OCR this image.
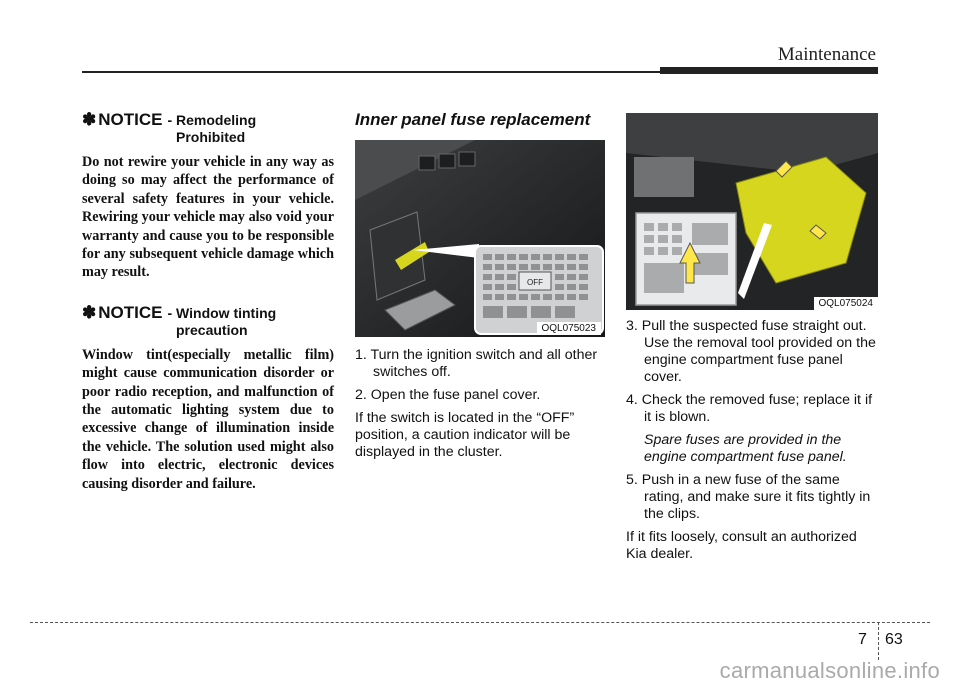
Maintenance
✽ NOTICE - Remodeling
Prohibited

Do not rewire your vehicle in any way as doing so may affect the performance of several safety features in your vehicle. Rewiring your vehicle may also void your warranty and cause you to be responsible for any subsequent vehicle damage which may result.

✽ NOTICE - Window tinting
precaution

Window tint(especially metallic film) might cause communication disorder or poor radio reception, and malfunction of the automatic lighting system due to excessive change of illumination inside the vehicle. The solution used might also flow into electric, electronic devices causing disorder and failure.

Inner panel fuse replacement
OFF
OQL075023

1. Turn the ignition switch and all other switches off.

2. Open the fuse panel cover.

If the switch is located in the “OFF” position, a caution indicator will be displayed in the cluster.

OQL075024

3. Pull the suspected fuse straight out. Use the removal tool provided on the engine compartment fuse panel cover.

4. Check the removed fuse; replace it if it is blown.

Spare fuses are provided in the engine compartment fuse panel.

5. Push in a new fuse of the same rating, and make sure it fits tightly in the clips.

If it fits loosely, consult an authorized Kia dealer.

7 63
carmanualsonline.info
